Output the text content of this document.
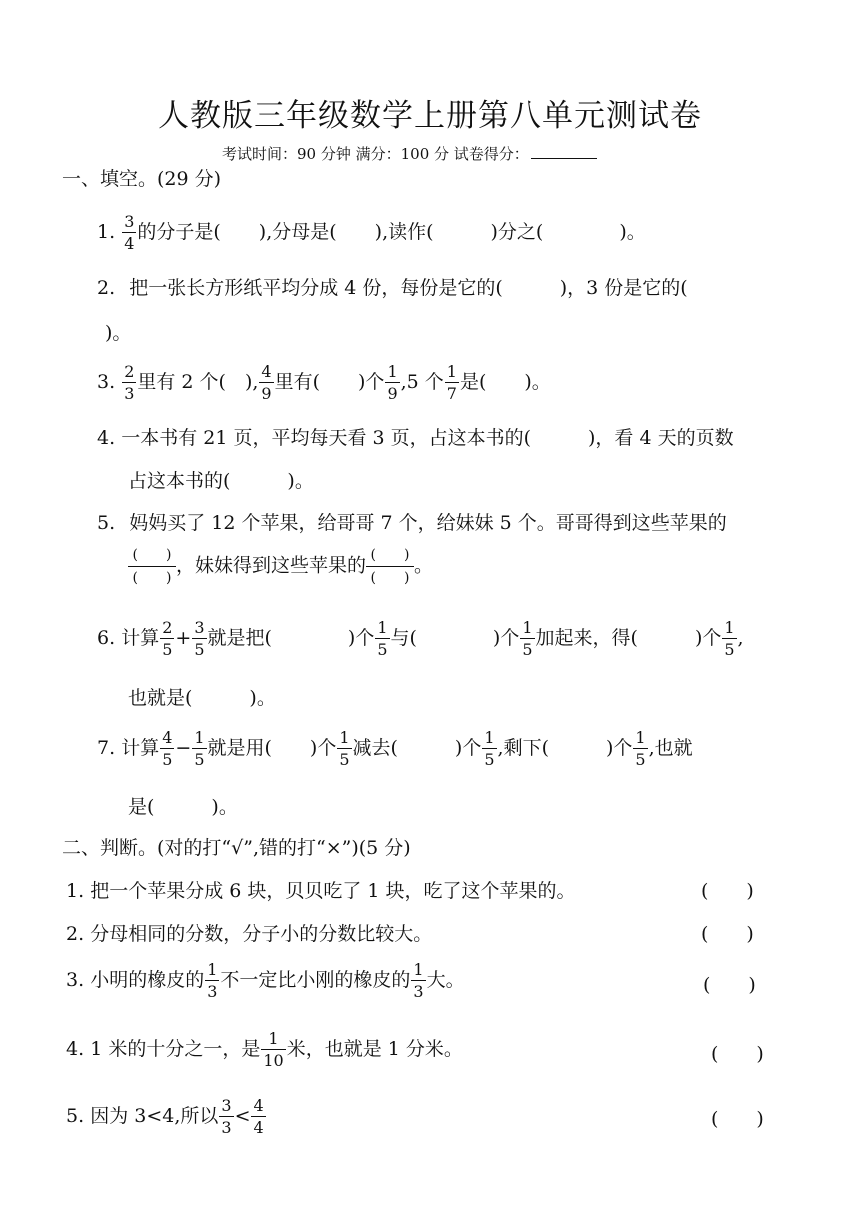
人教版三年级数学上册第八单元测试卷
考试时间：90 分钟 满分：100 分 试卷得分：
一、填空。(29 分)
1. $\frac{3}{4}$ 的分子是(　　),分母是(　　),读作(　　　)分之(　　　　)。
2. 把一张长方形纸平均分成 4 份，每份是它的(　　　)，3 份是它的(
)。
3. $\frac{2}{3}$ 里有 2 个(　), $\frac{4}{9}$ 里有(　　)个 $\frac{1}{9} ,5$ 个 $\frac{1}{7}$ 是(　　)。
4. 一本书有 21 页，平均每天看 3 页，占这本书的(　　　)，看 4 天的页数
占这本书的(　　　)。
5. 妈妈买了 12 个苹果，给哥哥 7 个，给妹妹 5 个。哥哥得到这些苹果的
$\frac{( )}{( )}$ ，妹妹得到这些苹果的 $\frac{( )}{( )}$ 。
6. 计算 $\frac{2}{5} + \frac{3}{5}$ 就是把(　　　　)个 $\frac{1}{5}$ 与(　　　　)个 $\frac{1}{5}$ 加起来，得(　　　)个 $\frac{1}{5}$ ,
也就是(　　　)。
7. 计算 $\frac{4}{5} - \frac{1}{5}$ 就是用(　　)个 $\frac{1}{5}$ 减去(　　　)个 $\frac{1}{5}$ ,剩下(　　　)个 $\frac{1}{5}$ ,也就
是(　　　)。
二、判断。(对的打“√”,错的打“×”)(5 分)
1. 把一个苹果分成 6 块，贝贝吃了 1 块，吃了这个苹果的。	(　　)
2. 分母相同的分数，分子小的分数比较大。	(　　)
3. 小明的橡皮的 $\frac{1}{3}$ 不一定比小刚的橡皮的 $\frac{1}{3}$ 大。	(　　)
4. 1 米的十分之一，是 $\frac{1}{10}$ 米，也就是 1 分米。	(　　)
5. 因为 3<4,所以 $\frac{3}{3} < \frac{4}{4}$	(　　)
